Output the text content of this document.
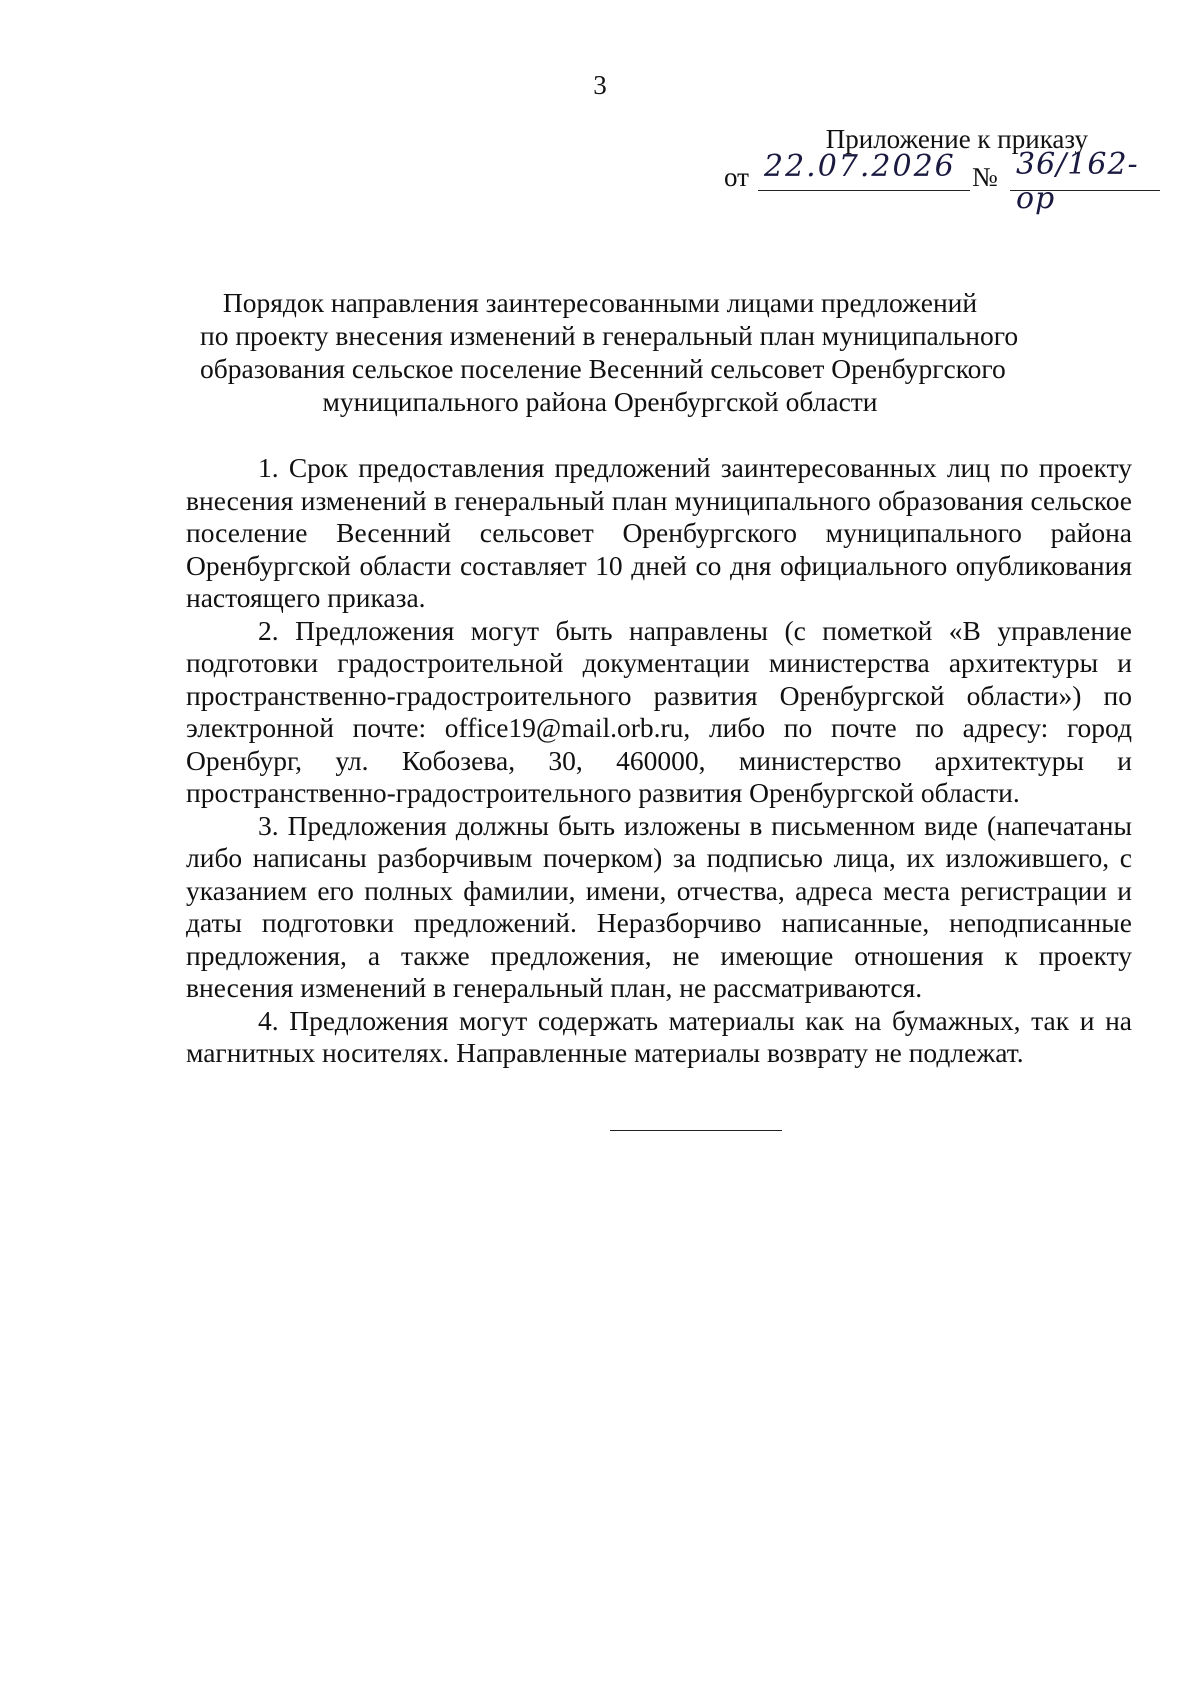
3
Приложение к приказу
от 22.07.2026 № 36/162-ор
Порядок направления заинтересованными лицами предложений
по проекту внесения изменений в генеральный план муниципального
образования сельское поселение Весенний сельсовет Оренбургского
муниципального района Оренбургской области

1. Срок предоставления предложений заинтересованных лиц по проекту внесения изменений в генеральный план муниципального образования сельское поселение Весенний сельсовет Оренбургского муниципального района Оренбургской области составляет 10 дней со дня официального опубликования настоящего приказа.

2. Предложения могут быть направлены (с пометкой «В управление подготовки градостроительной документации министерства архитектуры и пространственно-градостроительного развития Оренбургской области») по электронной почте: office19@mail.orb.ru, либо по почте по адресу: город Оренбург, ул. Кобозева, 30, 460000, министерство архитектуры и пространственно-градостроительного развития Оренбургской области.

3. Предложения должны быть изложены в письменном виде (напечатаны либо написаны разборчивым почерком) за подписью лица, их изложившего, с указанием его полных фамилии, имени, отчества, адреса места регистрации и даты подготовки предложений. Неразборчиво написанные, неподписанные предложения, а также предложения, не имеющие отношения к проекту внесения изменений в генеральный план, не рассматриваются.

4. Предложения могут содержать материалы как на бумажных, так и на магнитных носителях. Направленные материалы возврату не подлежат.
